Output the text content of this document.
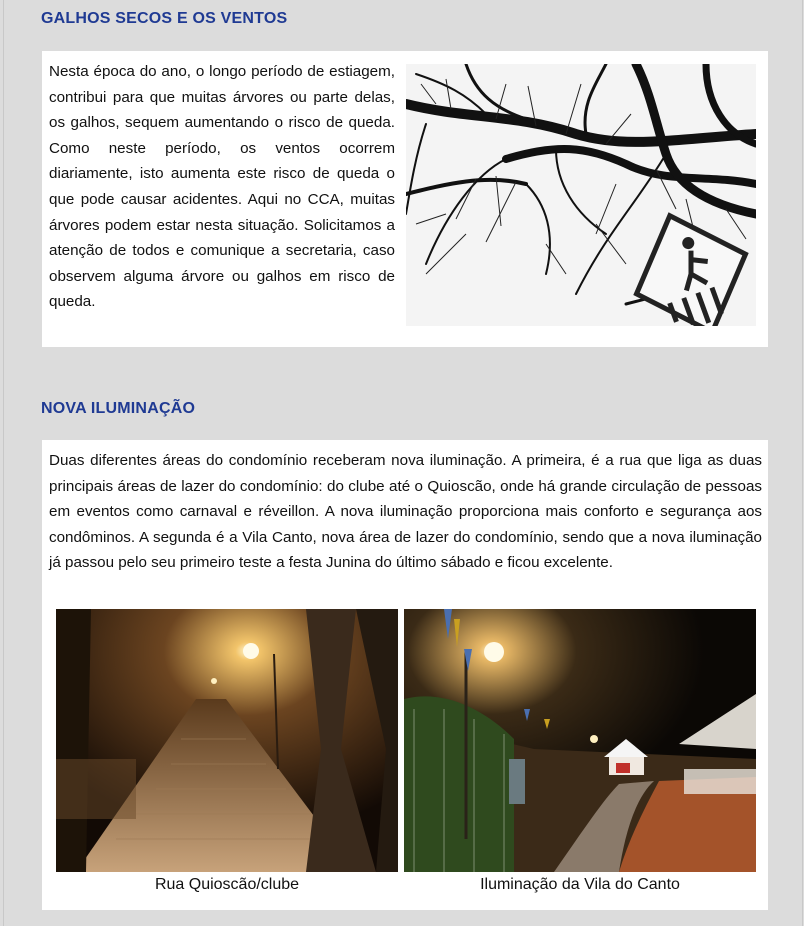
GALHOS SECOS E OS VENTOS
Nesta época do ano, o longo período de estiagem, contribui para que muitas árvores ou parte delas, os galhos, sequem aumentando o risco de queda. Como neste período, os ventos ocorrem diariamente, isto aumenta este risco de queda o que pode causar acidentes. Aqui no CCA, muitas árvores podem estar nesta situação. Solicitamos a atenção de todos e comunique a secretaria, caso observem alguma árvore ou galhos em risco de queda.
NOVA ILUMINAÇÃO
Duas diferentes áreas do condomínio receberam nova iluminação. A primeira, é a rua que liga as duas principais áreas de lazer do condomínio: do clube até o Quioscão, onde há grande circulação de pessoas em eventos como carnaval e réveillon. A nova iluminação proporciona mais conforto e segurança aos condôminos. A segunda é a Vila Canto, nova área de lazer do condomínio, sendo que a nova iluminação já passou pelo seu primeiro teste a festa Junina do último sábado e ficou excelente.
Rua Quioscão/clube	Iluminação da Vila do Canto
